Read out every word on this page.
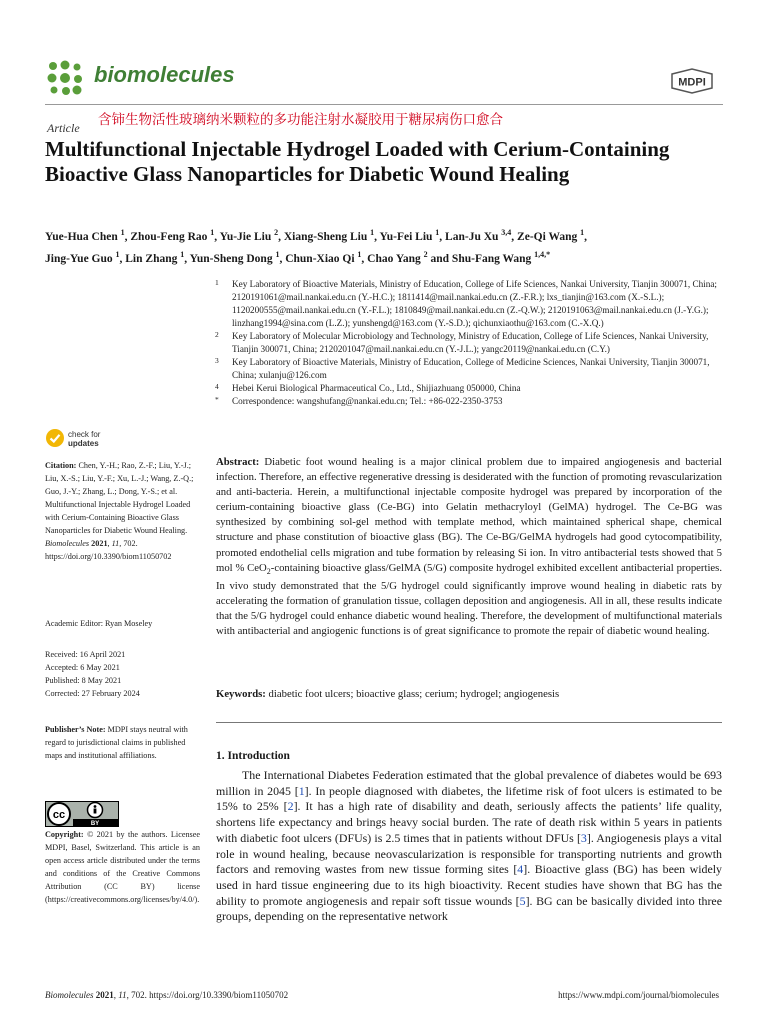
biomolecules	MDPI
含铈生物活性玻璃纳米颗粒的多功能注射水凝胶用于糖尿病伤口愈合
Article
Multifunctional Injectable Hydrogel Loaded with Cerium-Containing Bioactive Glass Nanoparticles for Diabetic Wound Healing
Yue-Hua Chen $^1$, Zhou-Feng Rao $^1$, Yu-Jie Liu $^2$, Xiang-Sheng Liu $^1$, Yu-Fei Liu $^1$, Lan-Ju Xu $^{3,4}$, Ze-Qi Wang $^1$,
Jing-Yue Guo $^1$, Lin Zhang $^1$, Yun-Sheng Dong $^1$, Chun-Xiao Qi $^1$, Chao Yang $^2$ and Shu-Fang Wang $^{1,4,*}$
1 Key Laboratory of Bioactive Materials, Ministry of Education, College of Life Sciences, Nankai University, Tianjin 300071, China; 2120191061@mail.nankai.edu.cn (Y.-H.C.); 1811414@mail.nankai.edu.cn (Z.-F.R.); lxs_tianjin@163.com (X.-S.L.); 1120200555@mail.nankai.edu.cn (Y.-F.L.); 1810849@mail.nankai.edu.cn (Z.-Q.W.); 2120191063@mail.nankai.edu.cn (J.-Y.G.); linzhang1994@sina.com (L.Z.); yunshengd@163.com (Y.-S.D.); qichunxiaothu@163.com (C.-X.Q.)
2 Key Laboratory of Molecular Microbiology and Technology, Ministry of Education, College of Life Sciences, Nankai University, Tianjin 300071, China; 2120201047@mail.nankai.edu.cn (Y.-J.L.); yangc20119@nankai.edu.cn (C.Y.)
3 Key Laboratory of Bioactive Materials, Ministry of Education, College of Medicine Sciences, Nankai University, Tianjin 300071, China; xulanju@126.com
4 Hebei Kerui Biological Pharmaceutical Co., Ltd., Shijiazhuang 050000, China
* Correspondence: wangshufang@nankai.edu.cn; Tel.: +86-022-2350-3753
check for
updates
Citation: Chen, Y.-H.; Rao, Z.-F.; Liu, Y.-J.; Liu, X.-S.; Liu, Y.-F.; Xu, L.-J.; Wang, Z.-Q.; Guo, J.-Y.; Zhang, L.; Dong, Y.-S.; et al. Multifunctional Injectable Hydrogel Loaded with Cerium-Containing Bioactive Glass Nanoparticles for Diabetic Wound Healing. Biomolecules 2021, 11, 702. https://doi.org/10.3390/biom11050702
Academic Editor: Ryan Moseley
Received: 16 April 2021
Accepted: 6 May 2021
Published: 8 May 2021
Corrected: 27 February 2024
Publisher’s Note: MDPI stays neutral with regard to jurisdictional claims in published maps and institutional affiliations.
cc
BY
Copyright: © 2021 by the authors. Licensee MDPI, Basel, Switzerland. This article is an open access article distributed under the terms and conditions of the Creative Commons Attribution (CC BY) license (https://creativecommons.org/licenses/by/4.0/).
Abstract: Diabetic foot wound healing is a major clinical problem due to impaired angiogenesis and bacterial infection. Therefore, an effective regenerative dressing is desiderated with the function of promoting revascularization and anti-bacteria. Herein, a multifunctional injectable composite hydrogel was prepared by incorporation of the cerium-containing bioactive glass (Ce-BG) into Gelatin methacryloyl (GelMA) hydrogel. The Ce-BG was synthesized by combining sol-gel method with template method, which maintained spherical shape, chemical structure and phase constitution of bioactive glass (BG). The Ce-BG/GelMA hydrogels had good cytocompatibility, promoted endothelial cells migration and tube formation by releasing Si ion. In vitro antibacterial tests showed that 5 mol % CeO$_2$-containing bioactive glass/GelMA (5/G) composite hydrogel exhibited excellent antibacterial properties. In vivo study demonstrated that the 5/G hydrogel could significantly improve wound healing in diabetic rats by accelerating the formation of granulation tissue, collagen deposition and angiogenesis. All in all, these results indicate that the 5/G hydrogel could enhance diabetic wound healing. Therefore, the development of multifunctional materials with antibacterial and angiogenic functions is of great significance to promote the repair of diabetic wound healing.
Keywords: diabetic foot ulcers; bioactive glass; cerium; hydrogel; angiogenesis
1. Introduction
The International Diabetes Federation estimated that the global prevalence of diabetes would be 693 million in 2045 [1]. In people diagnosed with diabetes, the lifetime risk of foot ulcers is estimated to be 15% to 25% [2]. It has a high rate of disability and death, seriously affects the patients’ life quality, shortens life expectancy and brings heavy social burden. The rate of death risk within 5 years in patients with diabetic foot ulcers (DFUs) is 2.5 times that in patients without DFUs [3]. Angiogenesis plays a vital role in wound healing, because neovascularization is responsible for transporting nutrients and growth factors and removing wastes from new tissue forming sites [4]. Bioactive glass (BG) has been widely used in hard tissue engineering due to its high bioactivity. Recent studies have shown that BG has the ability to promote angiogenesis and repair soft tissue wounds [5]. BG can be basically divided into three groups, depending on the representative network
Biomolecules 2021, 11, 702. https://doi.org/10.3390/biom11050702	https://www.mdpi.com/journal/biomolecules
